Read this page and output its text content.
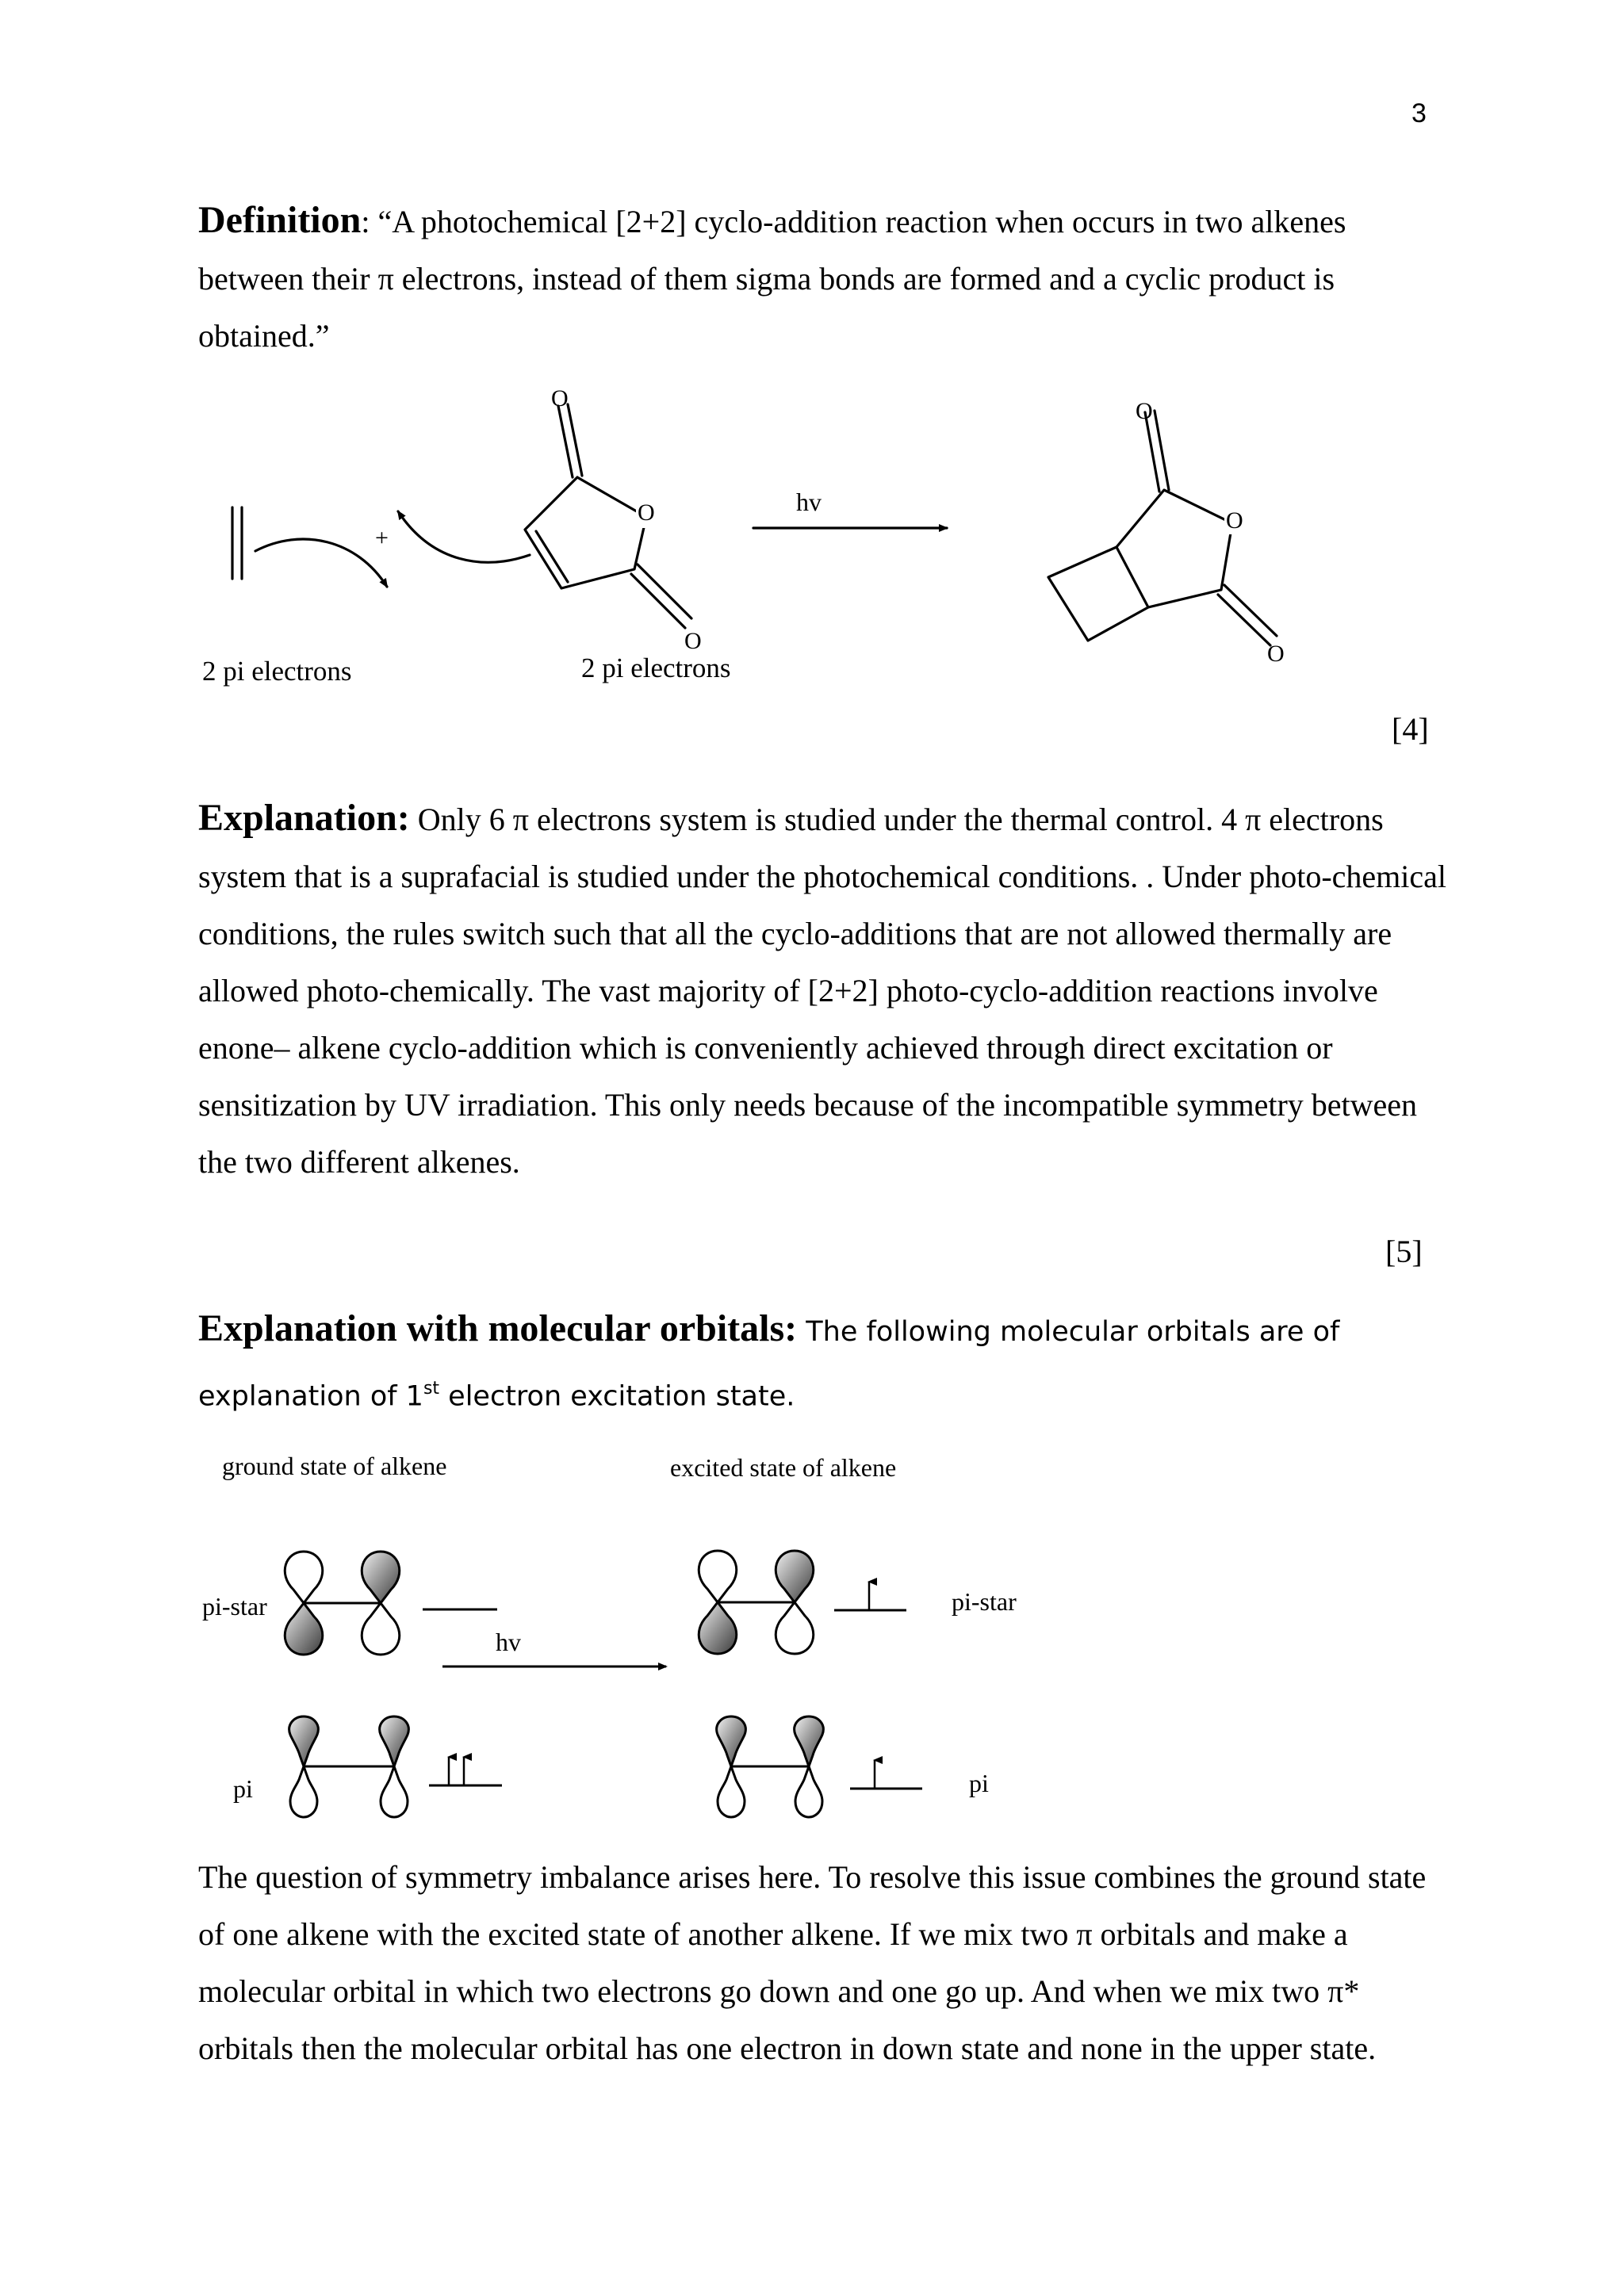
3
Definition: “A photochemical [2+2] cyclo-addition reaction when occurs in two alkenes between their π electrons, instead of them sigma bonds are formed and a cyclic product is obtained.”
+
O
O
O
hv
O
O
O
2 pi electrons	2 pi electrons
[4]
Explanation: Only 6 π electrons system is studied under the thermal control. 4 π electrons system that is a suprafacial is studied under the photochemical conditions. . Under photo-chemical conditions, the rules switch such that all the cyclo-additions that are not allowed thermally are allowed photo-chemically. The vast majority of [2+2] photo-cyclo-addition reactions involve enone– alkene cyclo-addition which is conveniently achieved through direct excitation or sensitization by UV irradiation. This only needs because of the incompatible symmetry between the two different alkenes.
[5]
Explanation with molecular orbitals: The following molecular orbitals are of explanation of 1st electron excitation state.
ground state of alkene	excited state of alkene
pi-star
hv
pi
pi-star
pi
The question of symmetry imbalance arises here. To resolve this issue combines the ground state of one alkene with the excited state of another alkene. If we mix two π orbitals and make a molecular orbital in which two electrons go down and one go up. And when we mix two π* orbitals then the molecular orbital has one electron in down state and none in the upper state.
